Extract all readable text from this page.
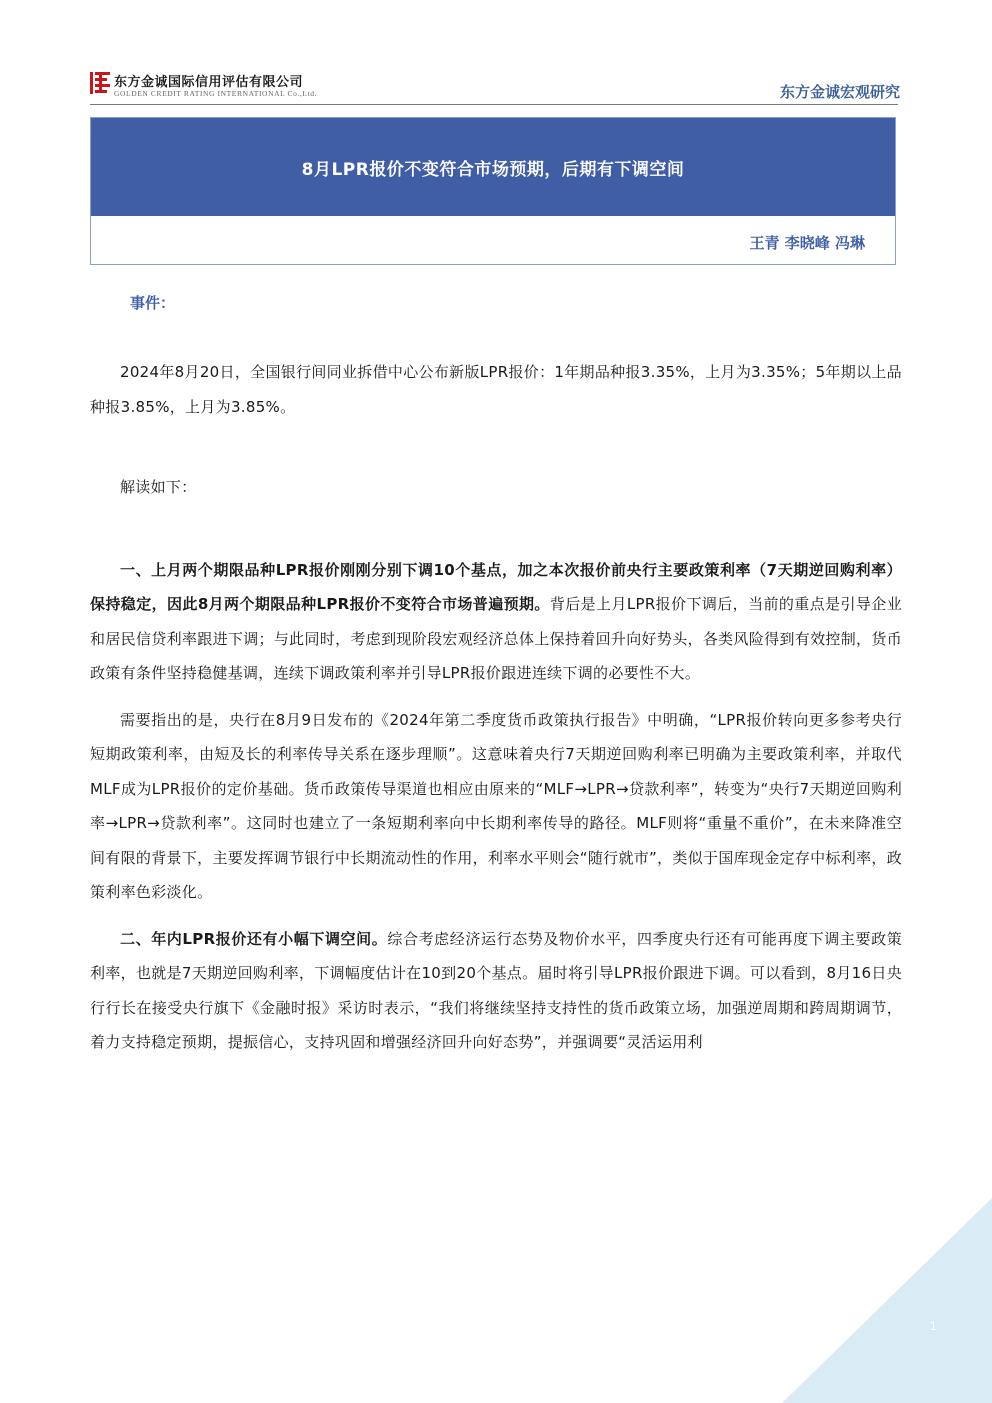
1
东方金诚国际信用评估有限公司
GOLDEN CREDIT RATING INTERNATIONAL Co.,Ltd.	东方金诚宏观研究
8月LPR报价不变符合市场预期，后期有下调空间
王青 李晓峰 冯琳
事件：

2024年8月20日，全国银行间同业拆借中心公布新版LPR报价：1年期品种报3.35%，上月为3.35%；5年期以上品种报3.85%，上月为3.85%。

解读如下：

一、上月两个期限品种LPR报价刚刚分别下调10个基点，加之本次报价前央行主要政策利率（7天期逆回购利率）保持稳定，因此8月两个期限品种LPR报价不变符合市场普遍预期。背后是上月LPR报价下调后，当前的重点是引导企业和居民信贷利率跟进下调；与此同时，考虑到现阶段宏观经济总体上保持着回升向好势头，各类风险得到有效控制，货币政策有条件坚持稳健基调，连续下调政策利率并引导LPR报价跟进连续下调的必要性不大。

需要指出的是，央行在8月9日发布的《2024年第二季度货币政策执行报告》中明确，“LPR报价转向更多参考央行短期政策利率，由短及长的利率传导关系在逐步理顺”。这意味着央行7天期逆回购利率已明确为主要政策利率，并取代MLF成为LPR报价的定价基础。货币政策传导渠道也相应由原来的“MLF→LPR→贷款利率”，转变为“央行7天期逆回购利率→LPR→贷款利率”。这同时也建立了一条短期利率向中长期利率传导的路径。MLF则将“重量不重价”，在未来降准空间有限的背景下，主要发挥调节银行中长期流动性的作用，利率水平则会“随行就市”，类似于国库现金定存中标利率，政策利率色彩淡化。

二、年内LPR报价还有小幅下调空间。综合考虑经济运行态势及物价水平，四季度央行还有可能再度下调主要政策利率，也就是7天期逆回购利率，下调幅度估计在10到20个基点。届时将引导LPR报价跟进下调。可以看到，8月16日央行行长在接受央行旗下《金融时报》采访时表示，“我们将继续坚持支持性的货币政策立场，加强逆周期和跨周期调节，着力支持稳定预期，提振信心，支持巩固和增强经济回升向好态势”，并强调要“灵活运用利
